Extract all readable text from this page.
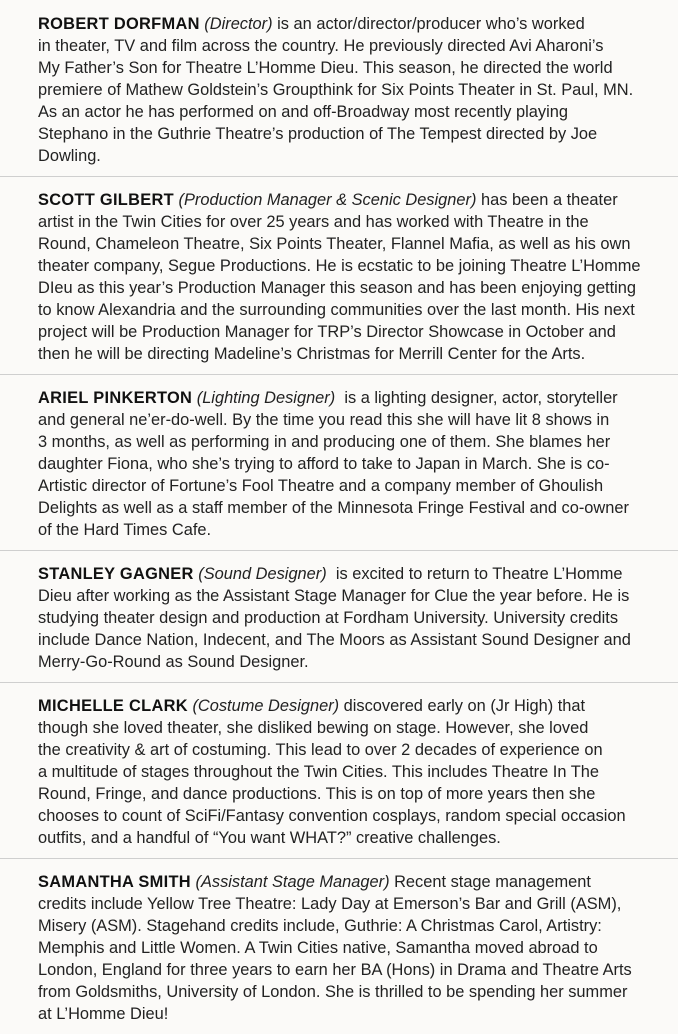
ROBERT DORFMAN (Director) is an actor/director/producer who’s worked
in theater, TV and film across the country. He previously directed Avi Aharoni’s
My Father’s Son for Theatre L’Homme Dieu. This season, he directed the world
premiere of Mathew Goldstein’s Groupthink for Six Points Theater in St. Paul, MN.
As an actor he has performed on and off-Broadway most recently playing
Stephano in the Guthrie Theatre’s production of The Tempest directed by Joe
Dowling.

SCOTT GILBERT (Production Manager & Scenic Designer) has been a theater
artist in the Twin Cities for over 25 years and has worked with Theatre in the
Round, Chameleon Theatre, Six Points Theater, Flannel Mafia, as well as his own
theater company, Segue Productions. He is ecstatic to be joining Theatre L’Homme
DIeu as this year’s Production Manager this season and has been enjoying getting
to know Alexandria and the surrounding communities over the last month. His next
project will be Production Manager for TRP’s Director Showcase in October and
then he will be directing Madeline’s Christmas for Merrill Center for the Arts.

ARIEL PINKERTON (Lighting Designer)  is a lighting designer, actor, storyteller
and general ne’er-do-well. By the time you read this she will have lit 8 shows in
3 months, as well as performing in and producing one of them. She blames her
daughter Fiona, who she’s trying to afford to take to Japan in March. She is co-
Artistic director of Fortune’s Fool Theatre and a company member of Ghoulish
Delights as well as a staff member of the Minnesota Fringe Festival and co-owner
of the Hard Times Cafe.

STANLEY GAGNER (Sound Designer)  is excited to return to Theatre L’Homme
Dieu after working as the Assistant Stage Manager for Clue the year before. He is
studying theater design and production at Fordham University. University credits
include Dance Nation, Indecent, and The Moors as Assistant Sound Designer and
Merry-Go-Round as Sound Designer.

MICHELLE CLARK (Costume Designer) discovered early on (Jr High) that
though she loved theater, she disliked bewing on stage. However, she loved
the creativity & art of costuming. This lead to over 2 decades of experience on
a multitude of stages throughout the Twin Cities. This includes Theatre In The
Round, Fringe, and dance productions. This is on top of more years then she
chooses to count of SciFi/Fantasy convention cosplays, random special occasion
outfits, and a handful of “You want WHAT?” creative challenges.

SAMANTHA SMITH (Assistant Stage Manager) Recent stage management
credits include Yellow Tree Theatre: Lady Day at Emerson’s Bar and Grill (ASM),
Misery (ASM). Stagehand credits include, Guthrie: A Christmas Carol, Artistry:
Memphis and Little Women. A Twin Cities native, Samantha moved abroad to
London, England for three years to earn her BA (Hons) in Drama and Theatre Arts
from Goldsmiths, University of London. She is thrilled to be spending her summer
at L’Homme Dieu!
